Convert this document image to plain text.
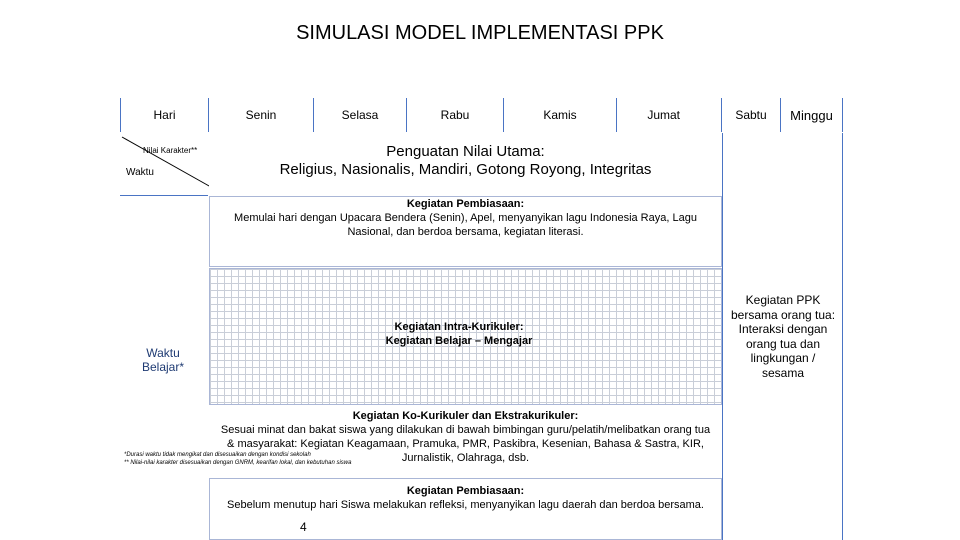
SIMULASI MODEL IMPLEMENTASI PPK
Hari	Senin	Selasa	Rabu	Kamis	Jumat	Sabtu	Minggu
Nilai Karakter**
Waktu
Waktu Belajar*
Penguatan Nilai Utama:
Religius, Nasionalis, Mandiri, Gotong Royong, Integritas
Kegiatan Pembiasaan:
Memulai hari dengan Upacara Bendera (Senin), Apel, menyanyikan lagu Indonesia Raya, Lagu Nasional, dan berdoa bersama, kegiatan literasi.
Kegiatan Intra-Kurikuler:
Kegiatan Belajar – Mengajar
Kegiatan Ko-Kurikuler dan Ekstrakurikuler:
Sesuai minat dan bakat siswa yang dilakukan di bawah bimbingan guru/pelatih/melibatkan orang tua & masyarakat: Kegiatan Keagamaan, Pramuka, PMR, Paskibra, Kesenian, Bahasa & Sastra, KIR, Jurnalistik, Olahraga, dsb.
Kegiatan Pembiasaan:
Sebelum menutup hari Siswa melakukan refleksi, menyanyikan lagu daerah dan berdoa bersama.
Kegiatan PPK bersama orang tua: Interaksi dengan orang tua dan lingkungan / sesama
*Durasi waktu tidak mengikat dan disesuaikan dengan kondisi sekolah
** Nilai-nilai karakter disesuaikan dengan GNRM, kearifan lokal, dan kebutuhan siswa
4
